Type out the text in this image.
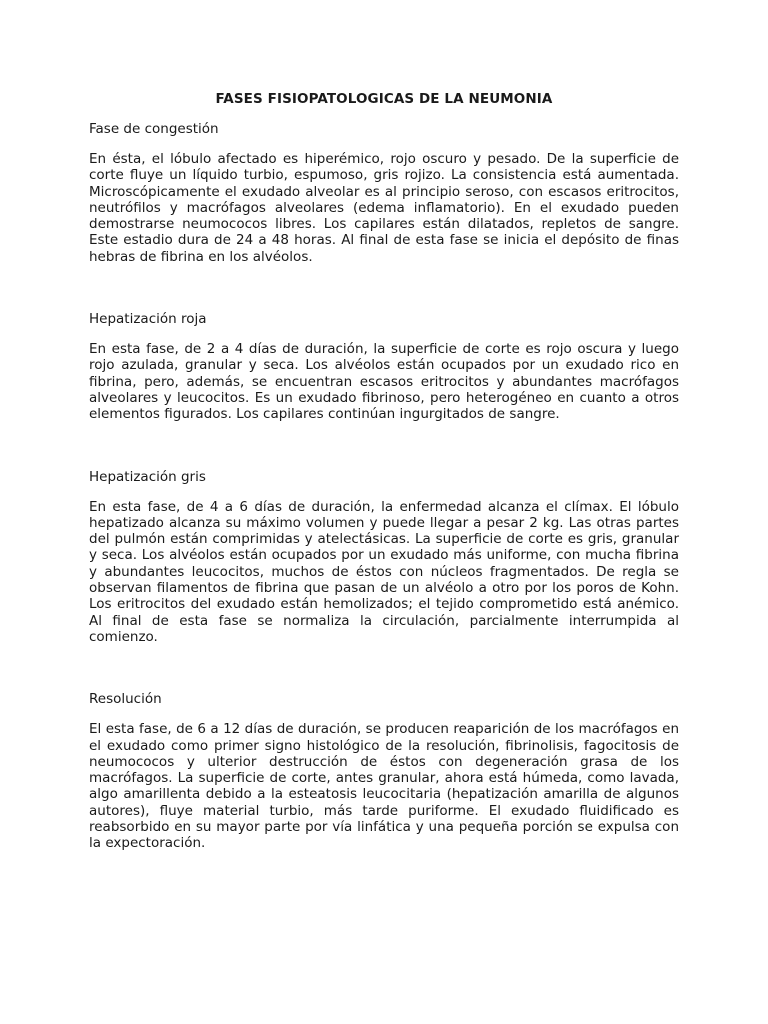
FASES FISIOPATOLOGICAS DE LA NEUMONIA
Fase de congestión

En ésta, el lóbulo afectado es hiperémico, rojo oscuro y pesado. De la superficie de corte fluye un líquido turbio, espumoso, gris rojizo. La consistencia está aumentada. Microscópicamente el exudado alveolar es al principio seroso, con escasos eritrocitos, neutrófilos y macrófagos alveolares (edema inflamatorio). En el exudado pueden demostrarse neumococos libres. Los capilares están dilatados, repletos de sangre. Este estadio dura de 24 a 48 horas. Al final de esta fase se inicia el depósito de finas hebras de fibrina en los alvéolos.

Hepatización roja

En esta fase, de 2 a 4 días de duración, la superficie de corte es rojo oscura y luego rojo azulada, granular y seca. Los alvéolos están ocupados por un exudado rico en fibrina, pero, además, se encuentran escasos eritrocitos y abundantes macrófagos alveolares y leucocitos. Es un exudado fibrinoso, pero heterogéneo en cuanto a otros elementos figurados. Los capilares continúan ingurgitados de sangre.

Hepatización gris

En esta fase, de 4 a 6 días de duración, la enfermedad alcanza el clímax. El lóbulo hepatizado alcanza su máximo volumen y puede llegar a pesar 2 kg. Las otras partes del pulmón están comprimidas y atelectásicas. La superficie de corte es gris, granular y seca. Los alvéolos están ocupados por un exudado más uniforme, con mucha fibrina y abundantes leucocitos, muchos de éstos con núcleos fragmentados. De regla se observan filamentos de fibrina que pasan de un alvéolo a otro por los poros de Kohn. Los eritrocitos del exudado están hemolizados; el tejido comprometido está anémico. Al final de esta fase se normaliza la circulación, parcialmente interrumpida al comienzo.

Resolución

El esta fase, de 6 a 12 días de duración, se producen reaparición de los macrófagos en el exudado como primer signo histológico de la resolución, fibrinolisis, fagocitosis de neumococos y ulterior destrucción de éstos con degeneración grasa de los macrófagos. La superficie de corte, antes granular, ahora está húmeda, como lavada, algo amarillenta debido a la esteatosis leucocitaria (hepatización amarilla de algunos autores), fluye material turbio, más tarde puriforme. El exudado fluidificado es reabsorbido en su mayor parte por vía linfática y una pequeña porción se expulsa con la expectoración.
